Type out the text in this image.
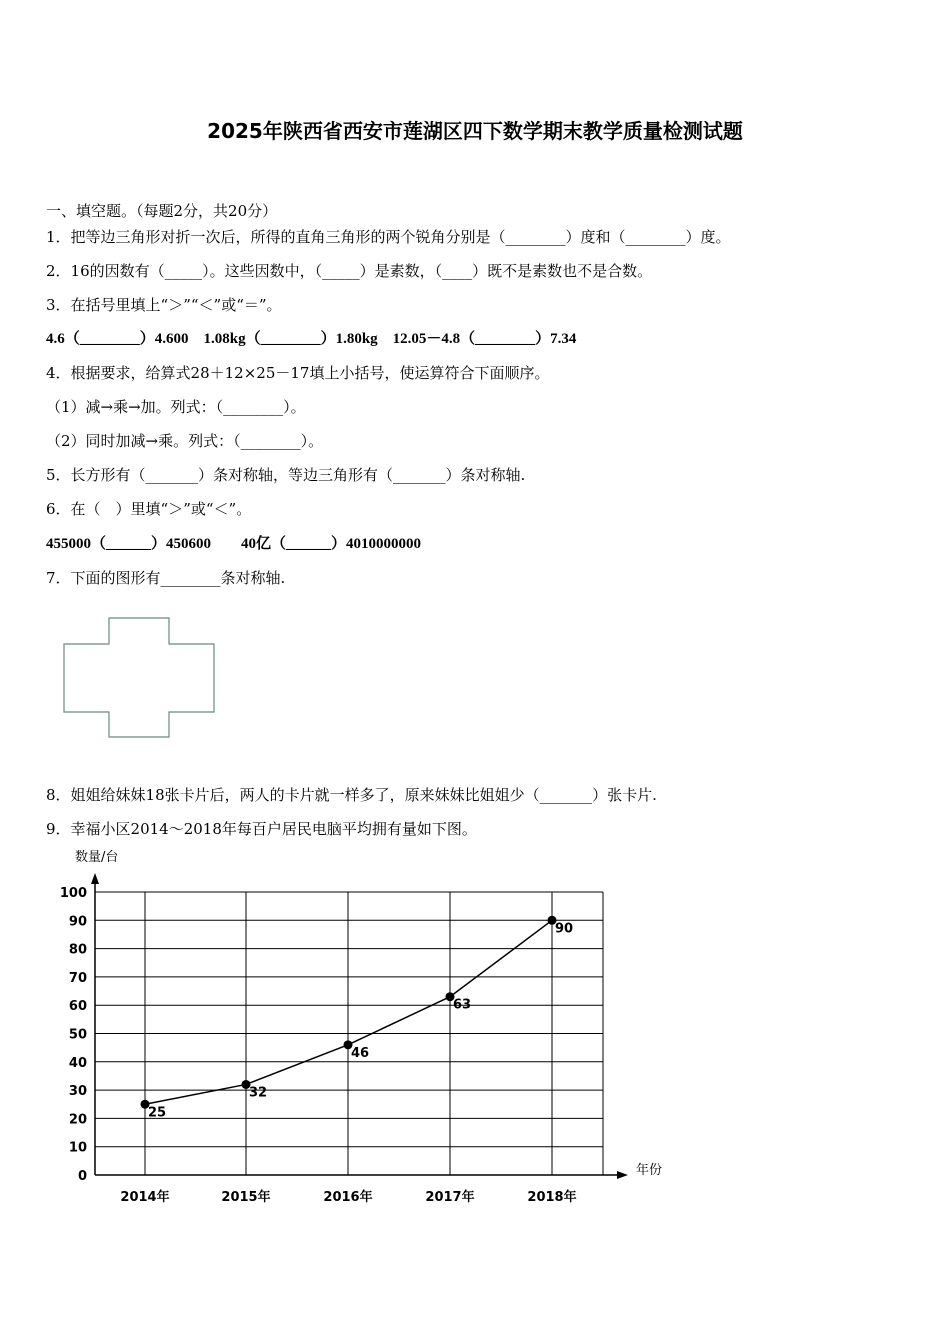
2025年陕西省西安市莲湖区四下数学期末教学质量检测试题
一、填空题。（每题2分，共20分）
1．把等边三角形对折一次后，所得的直角三角形的两个锐角分别是（________）度和（________）度。
2．16的因数有（_____）。这些因数中，（_____）是素数，（____）既不是素数也不是合数。
3．在括号里填上“＞”“＜”或“＝”。
4.6（________）4.600　1.08kg（________）1.80kg　12.05－4.8（________）7.34
4．根据要求，给算式28＋12×25－17填上小括号，使运算符合下面顺序。
（1）减→乘→加。列式：（________）。
（2）同时加减→乘。列式：（________）。
5．长方形有（_______）条对称轴，等边三角形有（_______）条对称轴.
6．在（　）里填“＞”或“＜”。
455000（______）450600　　40亿（______）4010000000
7．下面的图形有________条对称轴.
8．姐姐给妹妹18张卡片后，两人的卡片就一样多了，原来妹妹比姐姐少（_______）张卡片.
9．幸福小区2014～2018年每百户居民电脑平均拥有量如下图。
数量/台
年份
0
10
20
30
40
50
60
70
80
90
100
2014年	2015年	2016年	2017年	2018年
25
32
46
63
90
